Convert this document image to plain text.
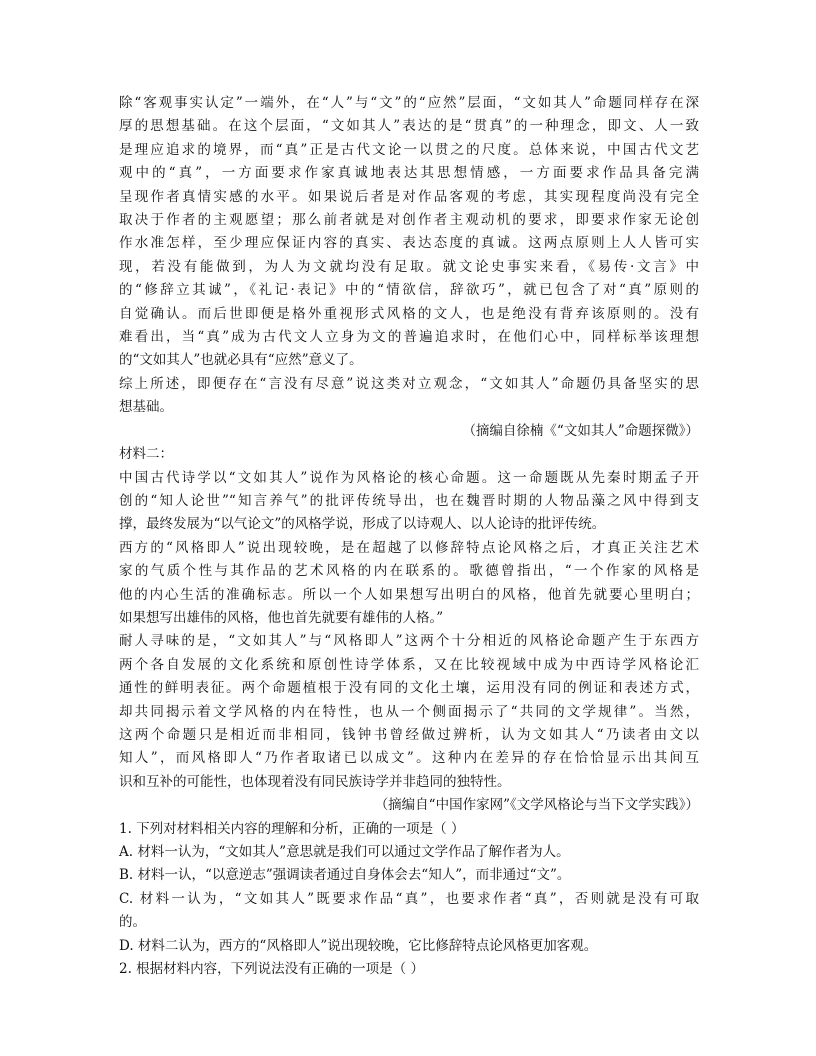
除“客观事实认定”一端外，在“人”与“文”的“应然”层面，“文如其人”命题同样存在深

厚的思想基础。在这个层面，“文如其人”表达的是“贯真”的一种理念，即文、人一致

是理应追求的境界，而“真”正是古代文论一以贯之的尺度。总体来说，中国古代文艺

观中的“真”，一方面要求作家真诚地表达其思想情感，一方面要求作品具备完满

呈现作者真情实感的水平。如果说后者是对作品客观的考虑，其实现程度尚没有完全

取决于作者的主观愿望；那么前者就是对创作者主观动机的要求，即要求作家无论创

作水准怎样，至少理应保证内容的真实、表达态度的真诚。这两点原则上人人皆可实

现，若没有能做到，为人为文就均没有足取。就文论史事实来看，《易传·文言》中

的“修辞立其诚”，《礼记·表记》中的“情欲信，辞欲巧”，就已包含了对“真”原则的

自觉确认。而后世即便是格外重视形式风格的文人，也是绝没有背弃该原则的。没有

难看出，当“真”成为古代文人立身为文的普遍追求时，在他们心中，同样标举该理想

的“文如其人”也就必具有“应然”意义了。

综上所述，即便存在“言没有尽意”说这类对立观念，“文如其人”命题仍具备坚实的思

想基础。

（摘编自徐楠《“文如其人”命题探微》）

材料二：

中国古代诗学以“文如其人”说作为风格论的核心命题。这一命题既从先秦时期孟子开

创的“知人论世”“知言养气”的批评传统导出，也在魏晋时期的人物品藻之风中得到支

撑，最终发展为“以气论文”的风格学说，形成了以诗观人、以人论诗的批评传统。

西方的“风格即人”说出现较晚，是在超越了以修辞特点论风格之后，才真正关注艺术

家的气质个性与其作品的艺术风格的内在联系的。歌德曾指出，“一个作家的风格是

他的内心生活的准确标志。所以一个人如果想写出明白的风格，他首先就要心里明白；

如果想写出雄伟的风格，他也首先就要有雄伟的人格。”

耐人寻味的是，“文如其人”与“风格即人”这两个十分相近的风格论命题产生于东西方

两个各自发展的文化系统和原创性诗学体系，又在比较视域中成为中西诗学风格论汇

通性的鲜明表征。两个命题植根于没有同的文化土壤，运用没有同的例证和表述方式，

却共同揭示着文学风格的内在特性，也从一个侧面揭示了“共同的文学规律”。当然，

这两个命题只是相近而非相同，钱钟书曾经做过辨析，认为文如其人“乃读者由文以

知人”，而风格即人“乃作者取诸已以成文”。这种内在差异的存在恰恰显示出其间互

识和互补的可能性，也体现着没有同民族诗学并非趋同的独特性。

（摘编自“中国作家网”《文学风格论与当下文学实践》）

1. 下列对材料相关内容的理解和分析，正确的一项是（ ）

A. 材料一认为，“文如其人”意思就是我们可以通过文学作品了解作者为人。

B. 材料一认，“以意逆志”强调读者通过自身体会去“知人”，而非通过“文”。

C. 材料一认为，“文如其人”既要求作品“真”，也要求作者“真”，否则就是没有可取

的。

D. 材料二认为，西方的“风格即人”说出现较晚，它比修辞特点论风格更加客观。

2. 根据材料内容，下列说法没有正确的一项是（ ）
